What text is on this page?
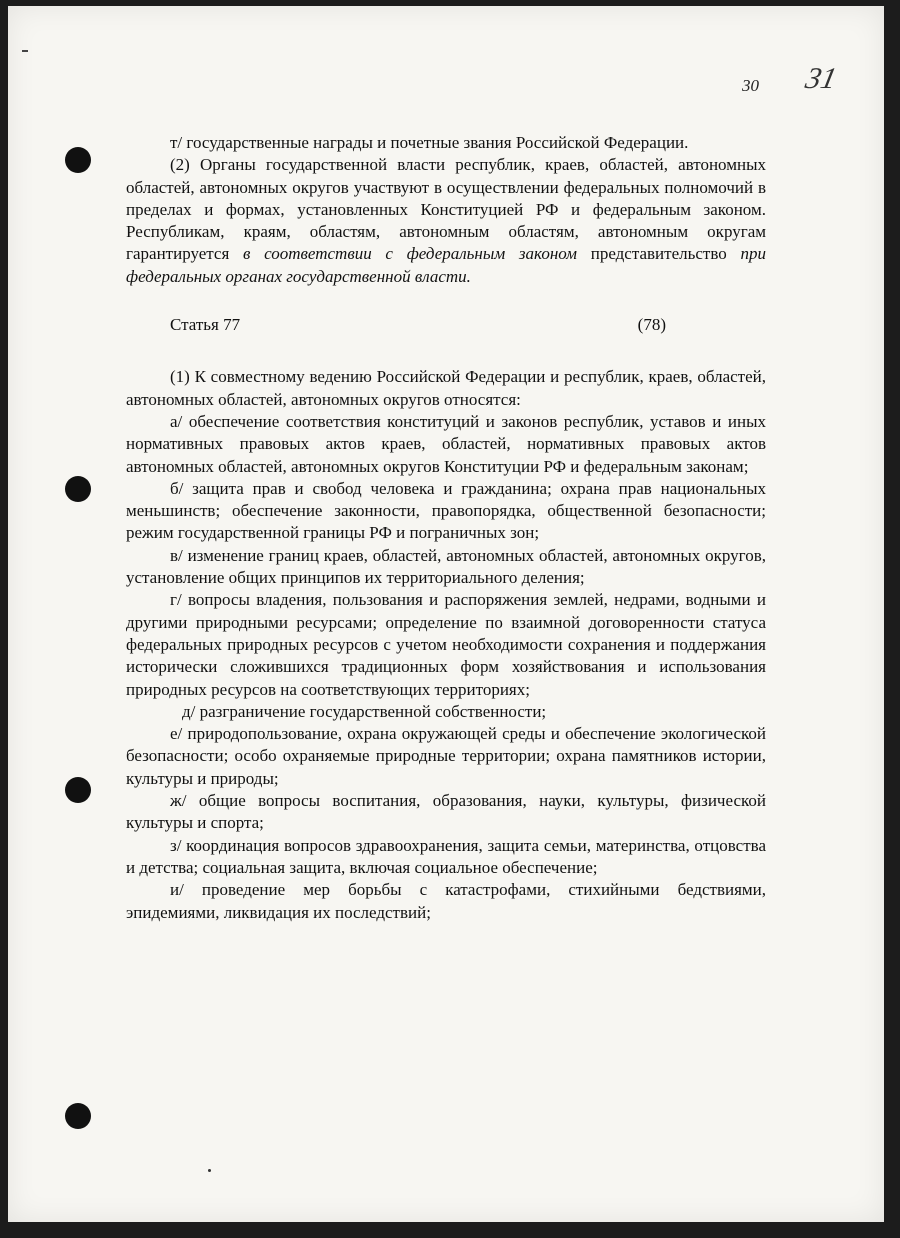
30 31

т/ государственные награды и почетные звания Российской Федерации.

(2) Органы государственной власти республик, краев, областей, автономных областей, автономных округов участвуют в осуществлении федеральных полномочий в пределах и формах, установленных Конституцией РФ и федеральным законом. Республикам, краям, областям, автономным областям, автономным округам гарантируется в соответствии с федеральным законом представительство при федеральных органах государственной власти.

Статья 77	(78)

(1) К совместному ведению Российской Федерации и республик, краев, областей, автономных областей, автономных округов относятся:

а/ обеспечение соответствия конституций и законов республик, уставов и иных нормативных правовых актов краев, областей, нормативных правовых актов автономных областей, автономных округов Конституции РФ и федеральным законам;

б/ защита прав и свобод человека и гражданина; охрана прав национальных меньшинств; обеспечение законности, правопорядка, общественной безопасности; режим государственной границы РФ и пограничных зон;

в/ изменение границ краев, областей, автономных областей, автономных округов, установление общих принципов их территориального деления;

г/ вопросы владения, пользования и распоряжения землей, недрами, водными и другими природными ресурсами; определение по взаимной договоренности статуса федеральных природных ресурсов с учетом необходимости сохранения и поддержания исторически сложившихся традиционных форм хозяйствования и использования природных ресурсов на соответствующих территориях;

д/ разграничение государственной собственности;

е/ природопользование, охрана окружающей среды и обеспечение экологической безопасности; особо охраняемые природные территории; охрана памятников истории, культуры и природы;

ж/ общие вопросы воспитания, образования, науки, культуры, физической культуры и спорта;

з/ координация вопросов здравоохранения, защита семьи, материнства, отцовства и детства; социальная защита, включая социальное обеспечение;

и/ проведение мер борьбы с катастрофами, стихийными бедствиями, эпидемиями, ликвидация их последствий;
